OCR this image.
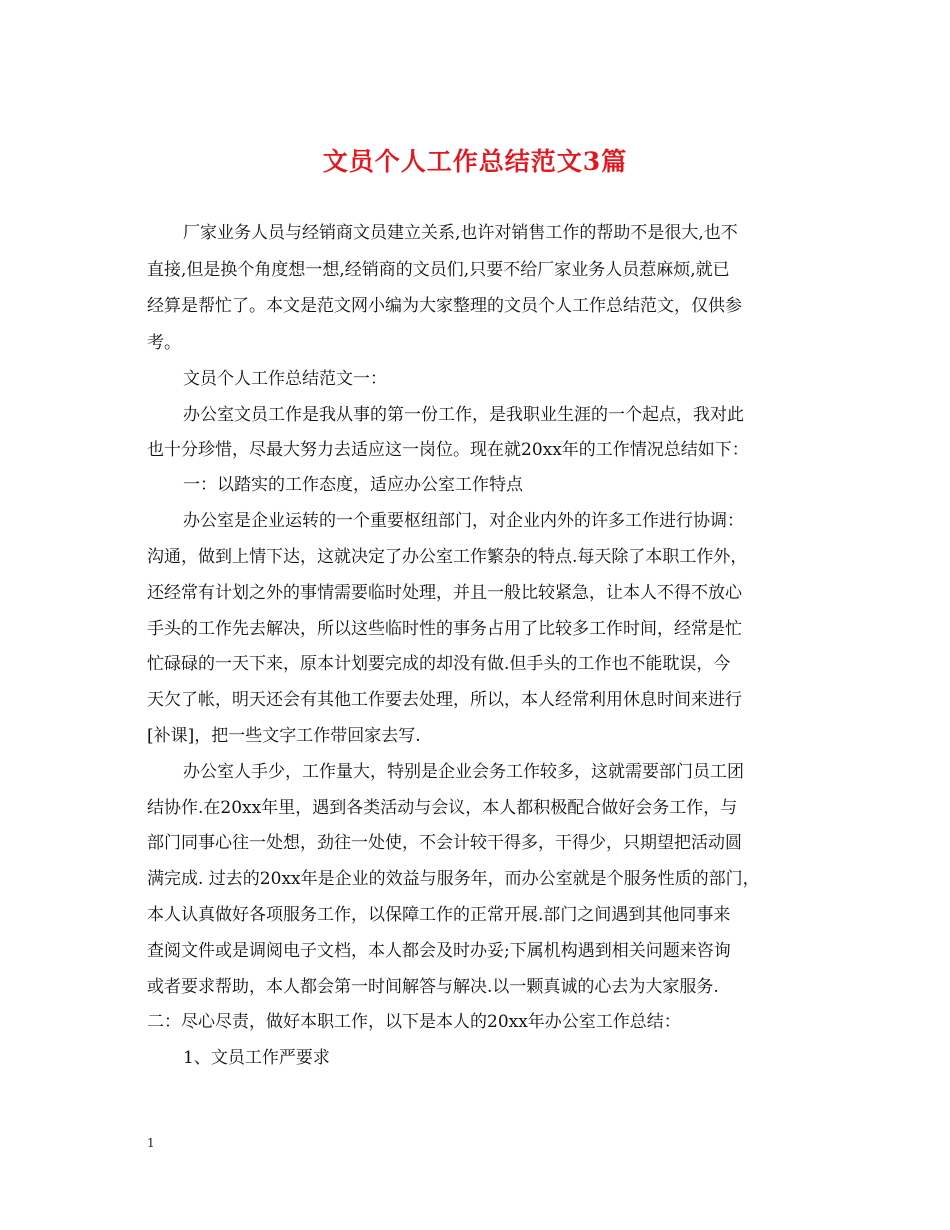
文员个人工作总结范文3篇

厂家业务人员与经销商文员建立关系,也许对销售工作的帮助不是很大,也不

直接,但是换个角度想一想,经销商的文员们,只要不给厂家业务人员惹麻烦,就已

经算是帮忙了。本文是范文网小编为大家整理的文员个人工作总结范文，仅供参

考。

文员个人工作总结范文一：

办公室文员工作是我从事的第一份工作，是我职业生涯的一个起点，我对此

也十分珍惜，尽最大努力去适应这一岗位。现在就20xx年的工作情况总结如下：

一：以踏实的工作态度，适应办公室工作特点

办公室是企业运转的一个重要枢纽部门，对企业内外的许多工作进行协调：

沟通，做到上情下达，这就决定了办公室工作繁杂的特点.每天除了本职工作外，

还经常有计划之外的事情需要临时处理，并且一般比较紧急，让本人不得不放心

手头的工作先去解决，所以这些临时性的事务占用了比较多工作时间，经常是忙

忙碌碌的一天下来，原本计划要完成的却没有做.但手头的工作也不能耽误，今

天欠了帐，明天还会有其他工作要去处理，所以，本人经常利用休息时间来进行

[补课]，把一些文字工作带回家去写.

办公室人手少，工作量大，特别是企业会务工作较多，这就需要部门员工团

结协作.在20xx年里，遇到各类活动与会议，本人都积极配合做好会务工作，与

部门同事心往一处想，劲往一处使，不会计较干得多，干得少，只期望把活动圆

满完成. 过去的20xx年是企业的效益与服务年，而办公室就是个服务性质的部门，

本人认真做好各项服务工作，以保障工作的正常开展.部门之间遇到其他同事来

查阅文件或是调阅电子文档，本人都会及时办妥;下属机构遇到相关问题来咨询

或者要求帮助，本人都会第一时间解答与解决.以一颗真诚的心去为大家服务.

二：尽心尽责，做好本职工作，以下是本人的20xx年办公室工作总结：

1、文员工作严要求

1
